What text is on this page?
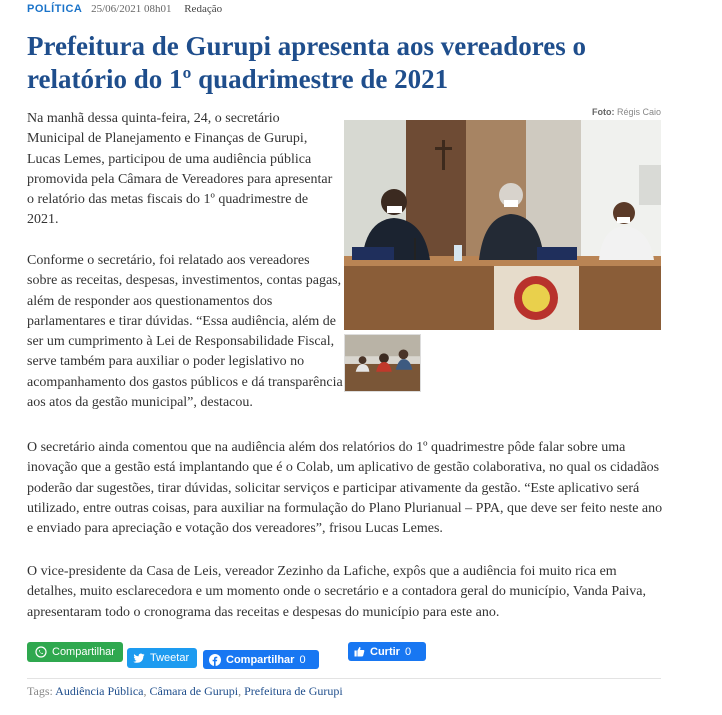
POLÍTICA 25/06/2021 08h01 Redação
Prefeitura de Gurupi apresenta aos vereadores o relatório do 1º quadrimestre de 2021
Foto: Régis Caio

Na manhã dessa quinta-feira, 24, o secretário Municipal de Planejamento e Finanças de Gurupi, Lucas Lemes, participou de uma audiência pública promovida pela Câmara de Vereadores para apresentar o relatório das metas fiscais do 1º quadrimestre de 2021.

Conforme o secretário, foi relatado aos vereadores sobre as receitas, despesas, investimentos, contas pagas, além de responder aos questionamentos dos parlamentares e tirar dúvidas. “Essa audiência, além de ser um cumprimento à Lei de Responsabilidade Fiscal, serve também para auxiliar o poder legislativo no acompanhamento dos gastos públicos e dá transparência aos atos da gestão municipal”, destacou.

O secretário ainda comentou que na audiência além dos relatórios do 1º quadrimestre pôde falar sobre uma inovação que a gestão está implantando que é o Colab, um aplicativo de gestão colaborativa, no qual os cidadãos poderão dar sugestões, tirar dúvidas, solicitar serviços e participar ativamente da gestão. “Este aplicativo será utilizado, entre outras coisas, para auxiliar na formulação do Plano Plurianual – PPA, que deve ser feito neste ano e enviado para apreciação e votação dos vereadores”, frisou Lucas Lemes.

O vice-presidente da Casa de Leis, vereador Zezinho da Lafiche, expôs que a audiência foi muito rica em detalhes, muito esclarecedora e um momento onde o secretário e a contadora geral do município, Vanda Paiva, apresentaram todo o cronograma das receitas e despesas do município para este ano.

Compartilhar	Tweetar	Compartilhar 0
Curtir 0
Tags: Audiência Pública, Câmara de Gurupi, Prefeitura de Gurupi
